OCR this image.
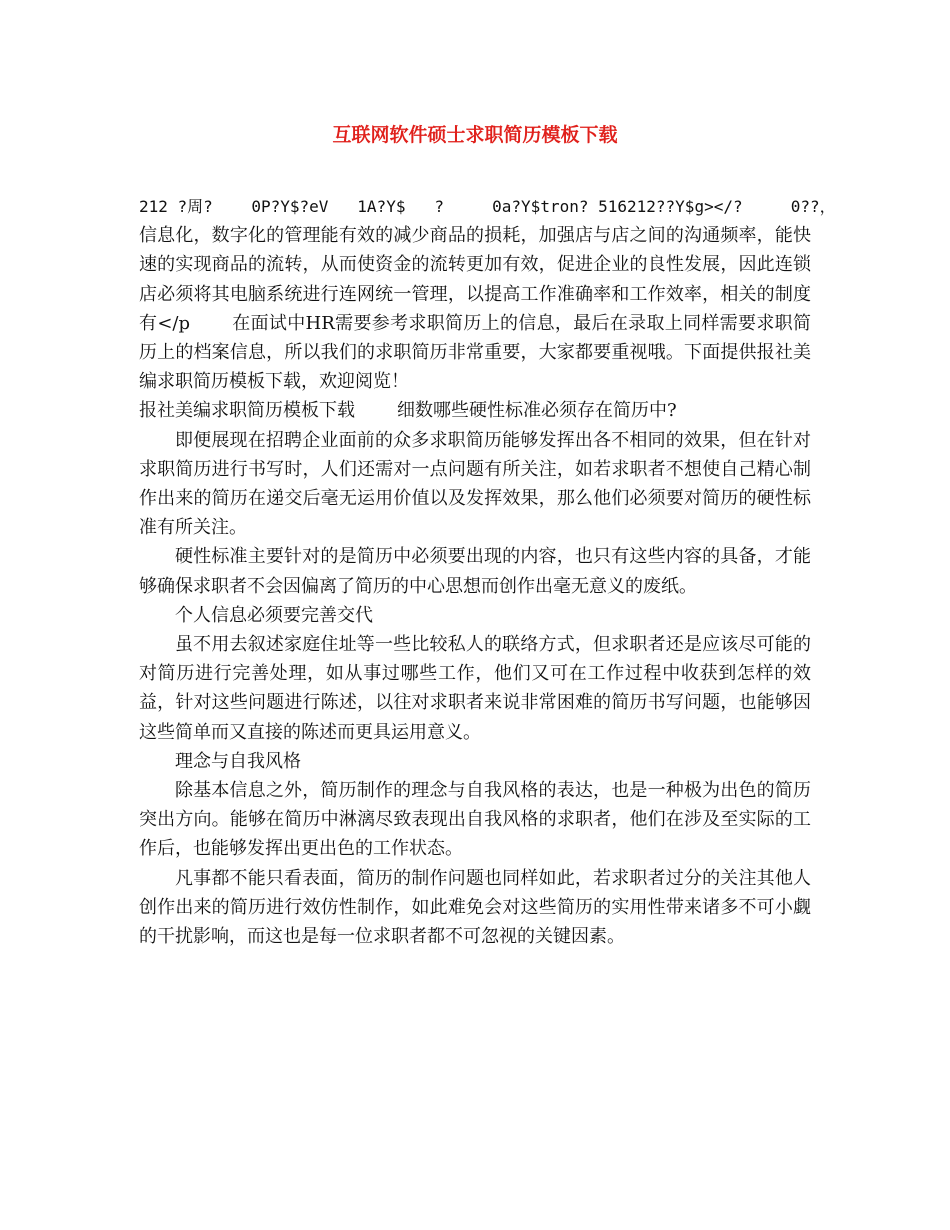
互联网软件硕士求职简历模板下载

212 ?周?    0P?Y$?eV   1A?Y$   ?     0a?Y$tron? 516212??Y$g></?     0??，信息化，数字化的管理能有效的减少商品的损耗，加强店与店之间的沟通频率，能快速的实现商品的流转，从而使资金的流转更加有效，促进企业的良性发展，因此连锁店必须将其电脑系统进行连网统一管理，以提高工作准确率和工作效率，相关的制度有</p 在面试中HR需要参考求职简历上的信息，最后在录取上同样需要求职简历上的档案信息，所以我们的求职简历非常重要，大家都要重视哦。下面提供报社美编求职简历模板下载，欢迎阅览！

报社美编求职简历模板下载 细数哪些硬性标准必须存在简历中?

即便展现在招聘企业面前的众多求职简历能够发挥出各不相同的效果，但在针对求职简历进行书写时，人们还需对一点问题有所关注，如若求职者不想使自己精心制作出来的简历在递交后毫无运用价值以及发挥效果，那么他们必须要对简历的硬性标准有所关注。

硬性标准主要针对的是简历中必须要出现的内容，也只有这些内容的具备，才能够确保求职者不会因偏离了简历的中心思想而创作出毫无意义的废纸。

个人信息必须要完善交代

虽不用去叙述家庭住址等一些比较私人的联络方式，但求职者还是应该尽可能的对简历进行完善处理，如从事过哪些工作，他们又可在工作过程中收获到怎样的效益，针对这些问题进行陈述，以往对求职者来说非常困难的简历书写问题，也能够因这些简单而又直接的陈述而更具运用意义。

理念与自我风格

除基本信息之外，简历制作的理念与自我风格的表达，也是一种极为出色的简历突出方向。能够在简历中淋漓尽致表现出自我风格的求职者，他们在涉及至实际的工作后，也能够发挥出更出色的工作状态。

凡事都不能只看表面，简历的制作问题也同样如此，若求职者过分的关注其他人创作出来的简历进行效仿性制作，如此难免会对这些简历的实用性带来诸多不可小觑的干扰影响，而这也是每一位求职者都不可忽视的关键因素。
